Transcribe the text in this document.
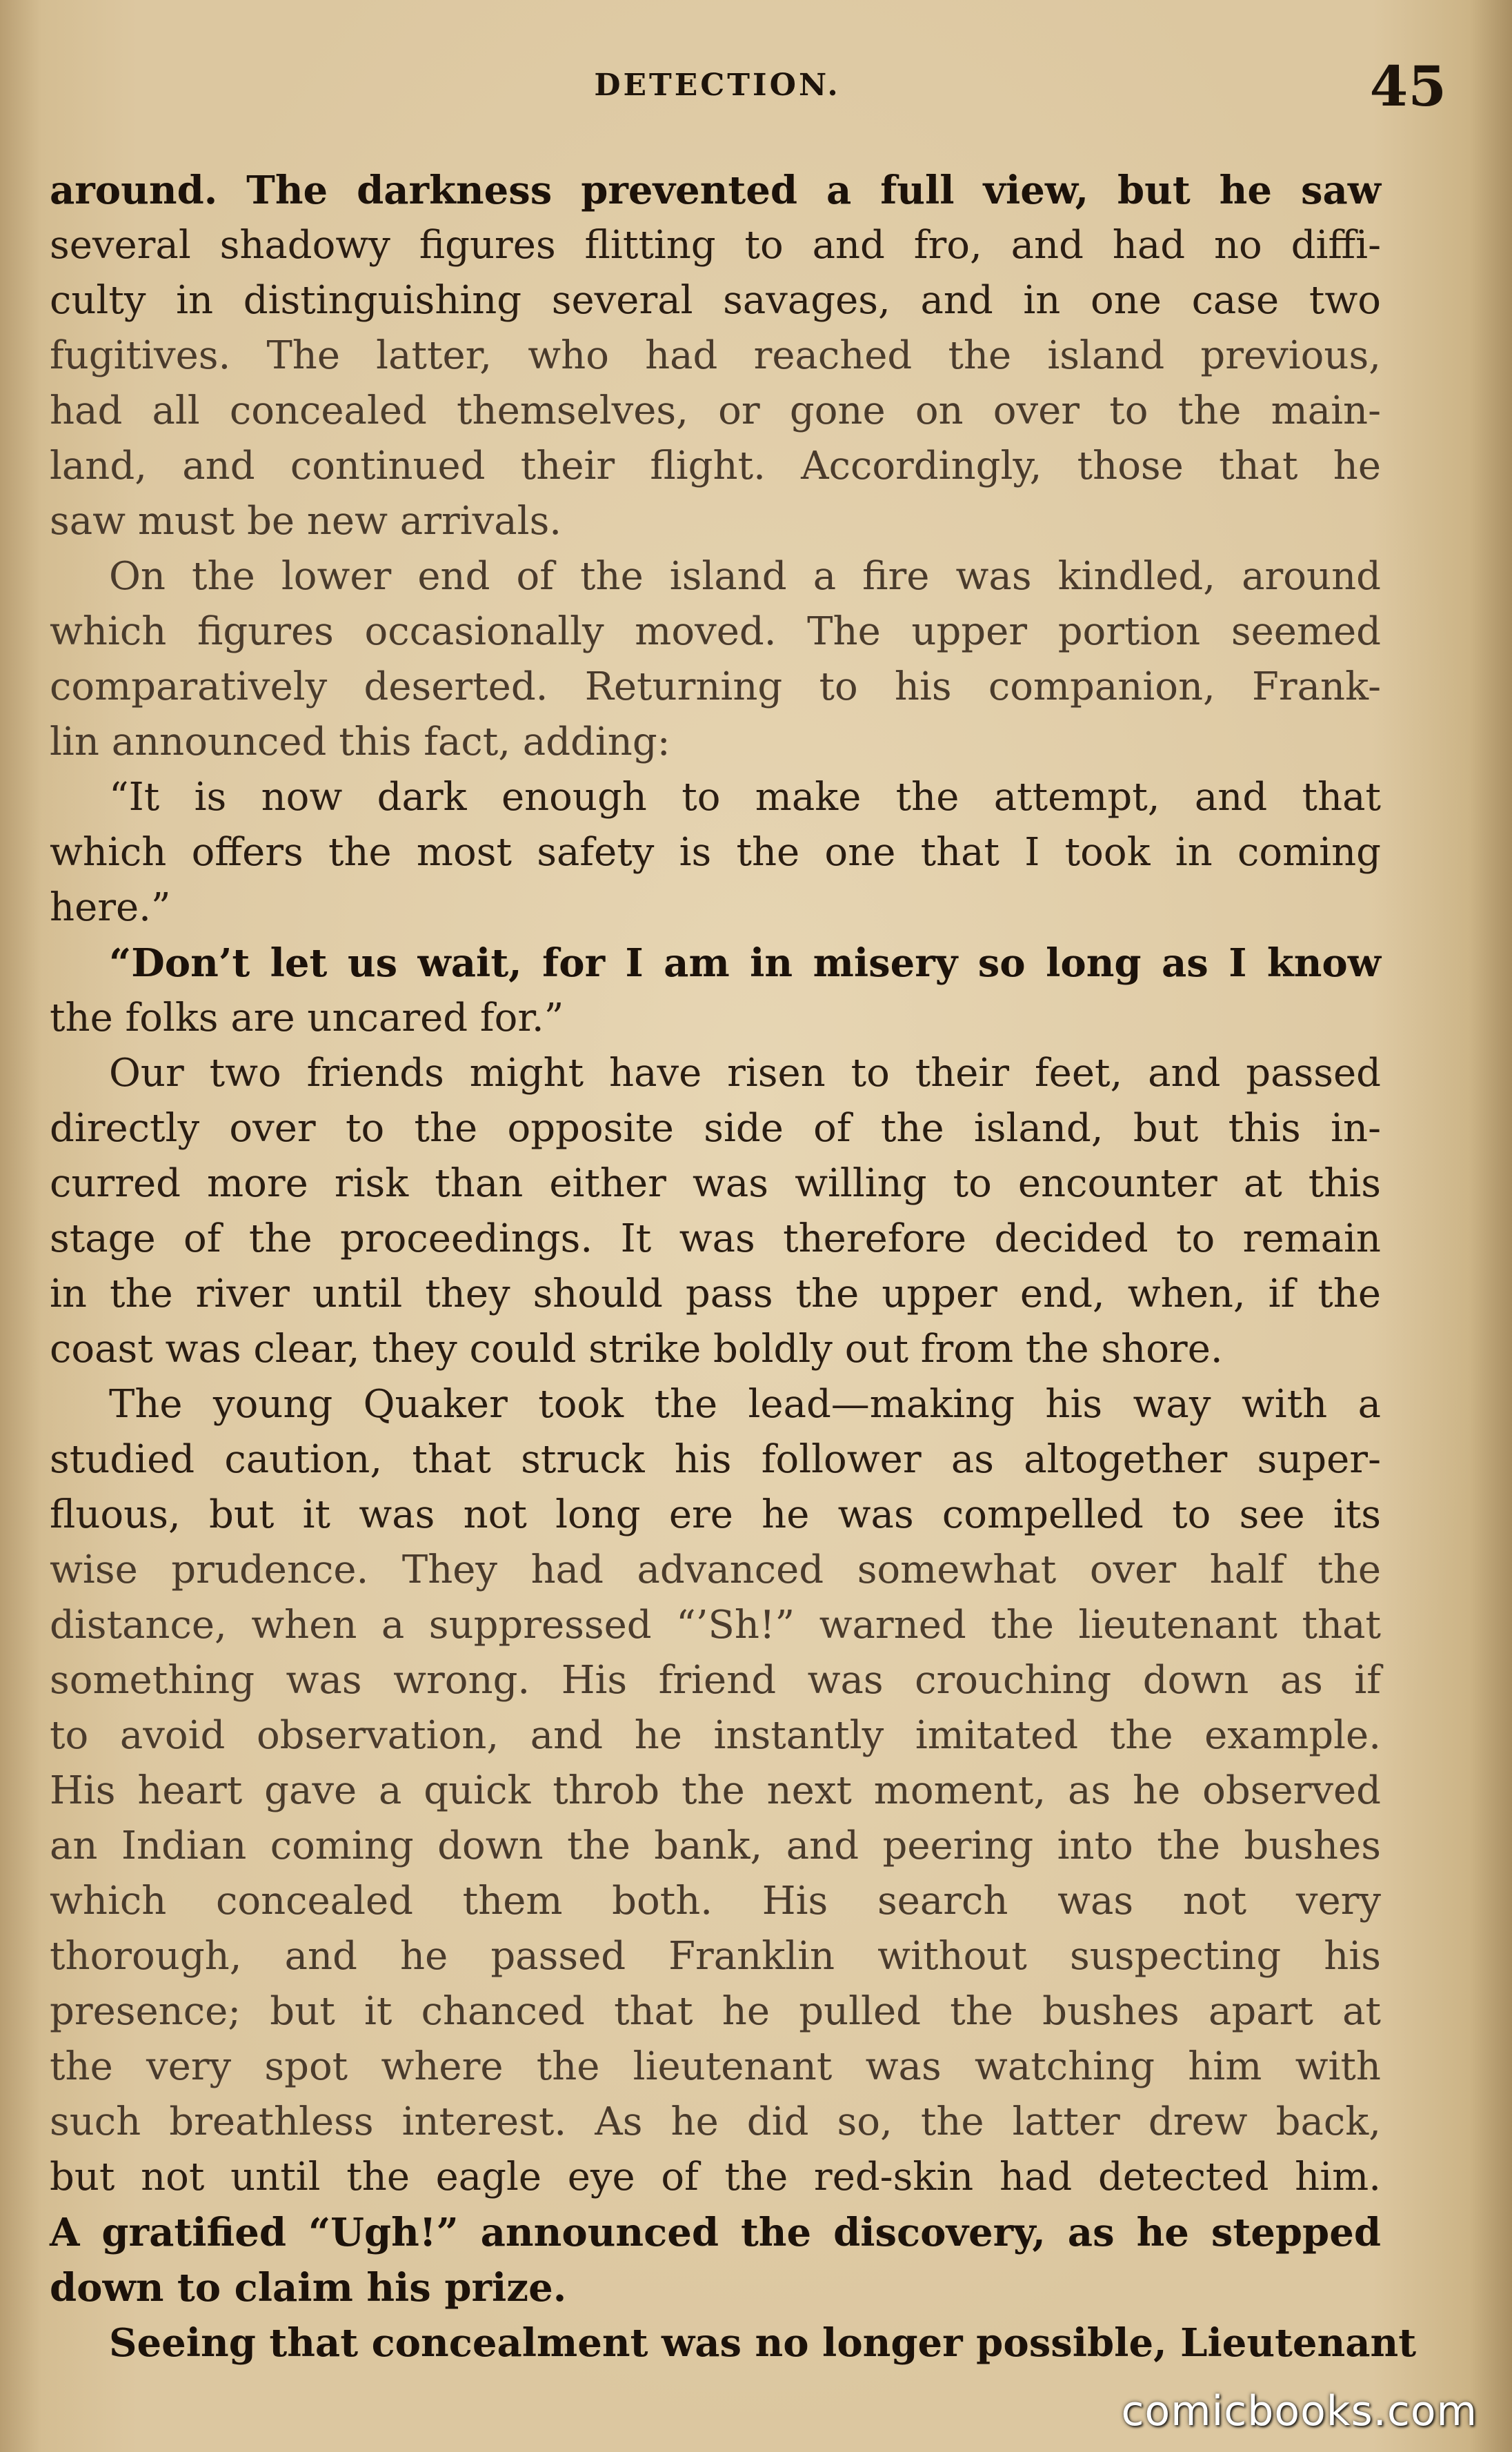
DETECTION.	45
around. The darkness prevented a full view, but he saw
several shadowy figures flitting to and fro, and had no diffi-
culty in distinguishing several savages, and in one case two
fugitives. The latter, who had reached the island previous,
had all concealed themselves, or gone on over to the main-
land, and continued their flight. Accordingly, those that he
saw must be new arrivals.
On the lower end of the island a fire was kindled, around
which figures occasionally moved. The upper portion seemed
comparatively deserted. Returning to his companion, Frank-
lin announced this fact, adding:
“It is now dark enough to make the attempt, and that
which offers the most safety is the one that I took in coming
here.”
“Don’t let us wait, for I am in misery so long as I know
the folks are uncared for.”
Our two friends might have risen to their feet, and passed
directly over to the opposite side of the island, but this in-
curred more risk than either was willing to encounter at this
stage of the proceedings. It was therefore decided to remain
in the river until they should pass the upper end, when, if the
coast was clear, they could strike boldly out from the shore.
The young Quaker took the lead—making his way with a
studied caution, that struck his follower as altogether super-
fluous, but it was not long ere he was compelled to see its
wise prudence. They had advanced somewhat over half the
distance, when a suppressed “’Sh!” warned the lieutenant that
something was wrong. His friend was crouching down as if
to avoid observation, and he instantly imitated the example.
His heart gave a quick throb the next moment, as he observed
an Indian coming down the bank, and peering into the bushes
which concealed them both. His search was not very
thorough, and he passed Franklin without suspecting his
presence; but it chanced that he pulled the bushes apart at
the very spot where the lieutenant was watching him with
such breathless interest. As he did so, the latter drew back,
but not until the eagle eye of the red-skin had detected him.
A gratified “Ugh!” announced the discovery, as he stepped
down to claim his prize.
Seeing that concealment was no longer possible, Lieutenant
comicbooks.com
